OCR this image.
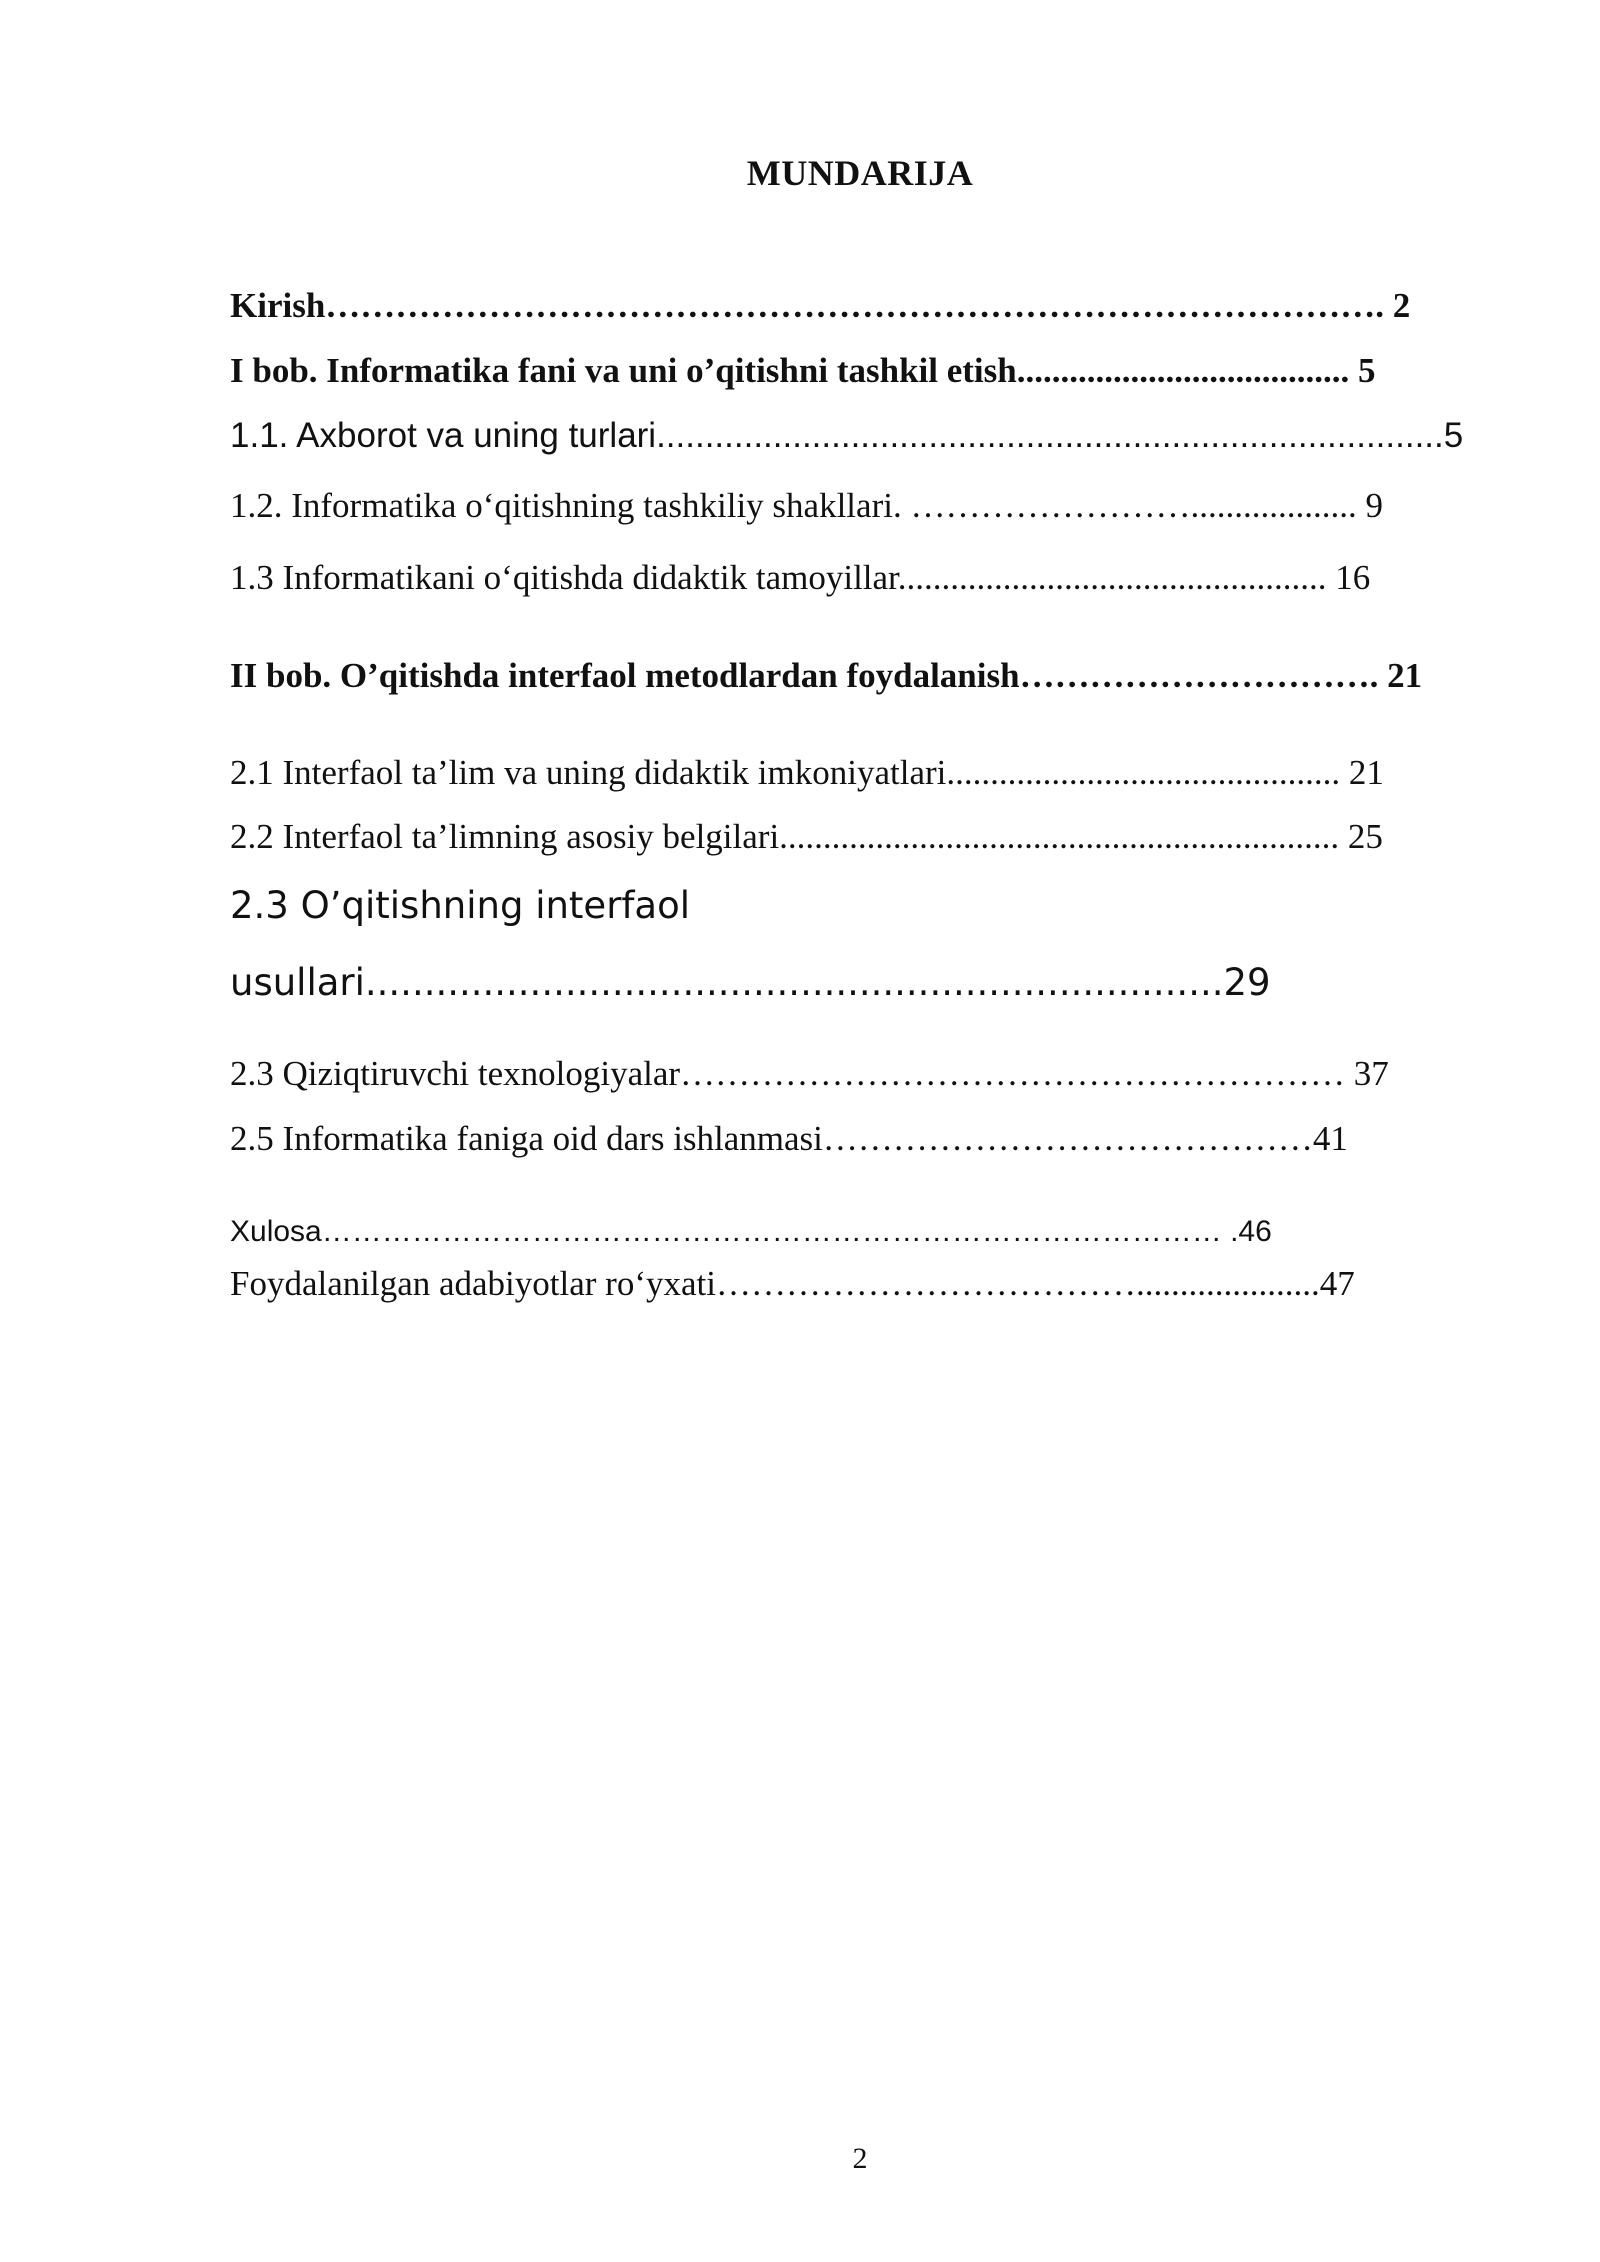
MUNDARIJA
Kirish………………………………………………………………………………. 2
I bob. Informatika fani va uni o’qitishni tashkil etish...................................... 5
1.1. Axborot va uning turlari.................................................................................5
1.2. Informatika o‘qitishning tashkiliy shakllari. ……………………................... 9
1.3 Informatikani o‘qitishda didaktik tamoyillar................................................. 16
II bob. O’qitishda interfaol metodlardan foydalanish…………………………. 21
2.1 Interfaol ta’lim va uning didaktik imkoniyatlari............................................. 21
2.2 Interfaol ta’limning asosiy belgilari................................................................ 25
2.3 O’qitishning interfaol
usullari.........................................................................29
2.3 Qiziqtiruvchi texnologiyalar………………………………………………… 37
2.5 Informatika faniga oid dars ishlanmasi……………………………………41
Xulosa……………………………………………………………………………… .46
Foydalanilgan adabiyotlar ro‘yxati……………………………….....................47
2
